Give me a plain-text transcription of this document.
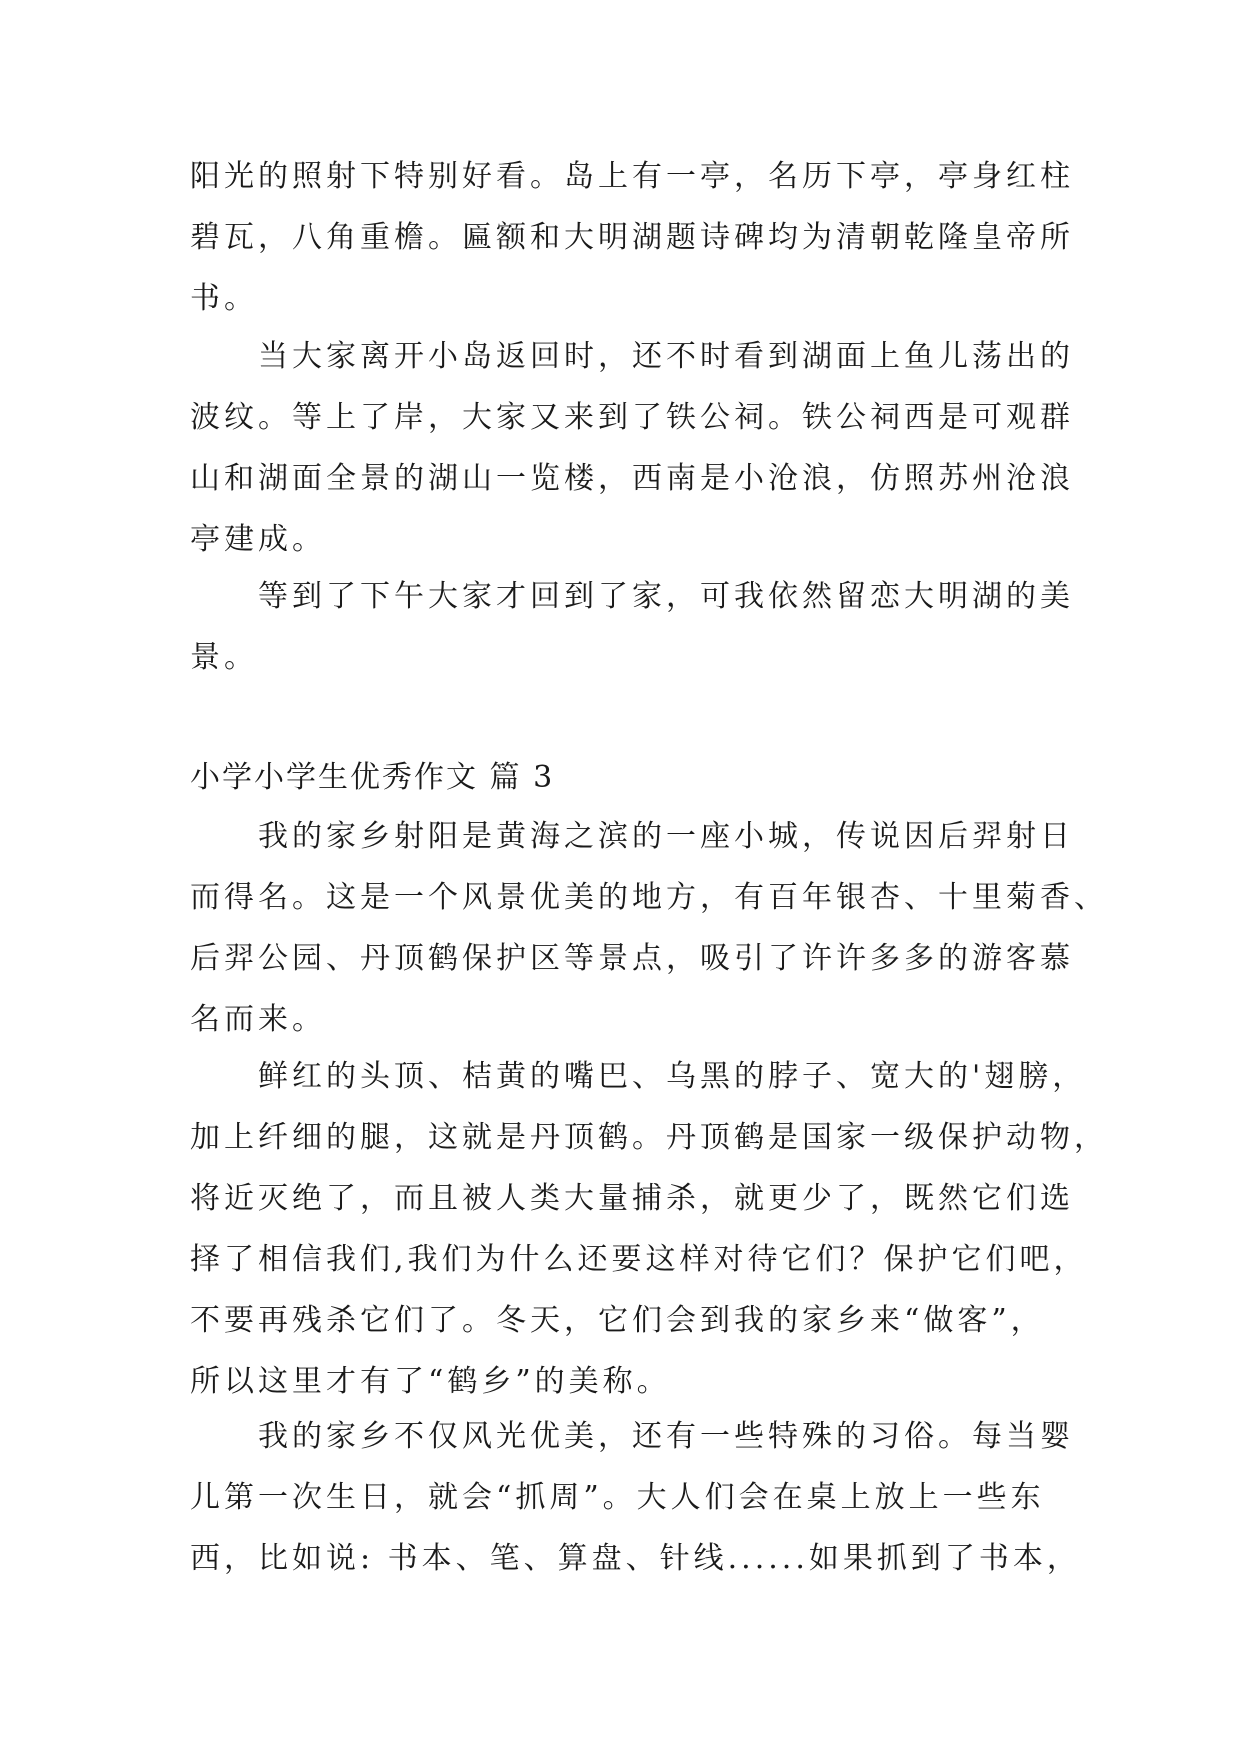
阳光的照射下特别好看。岛上有一亭，名历下亭，亭身红柱
碧瓦，八角重檐。匾额和大明湖题诗碑均为清朝乾隆皇帝所
书。
当大家离开小岛返回时，还不时看到湖面上鱼儿荡出的
波纹。等上了岸，大家又来到了铁公祠。铁公祠西是可观群
山和湖面全景的湖山一览楼，西南是小沧浪，仿照苏州沧浪
亭建成。
等到了下午大家才回到了家，可我依然留恋大明湖的美
景。
小学小学生优秀作文 篇 3
我的家乡射阳是黄海之滨的一座小城，传说因后羿射日
而得名。这是一个风景优美的地方，有百年银杏、十里菊香、
后羿公园、丹顶鹤保护区等景点，吸引了许许多多的游客慕
名而来。
鲜红的头顶、桔黄的嘴巴、乌黑的脖子、宽大的'翅膀，
加上纤细的腿，这就是丹顶鹤。丹顶鹤是国家一级保护动物，
将近灭绝了，而且被人类大量捕杀，就更少了，既然它们选
择了相信我们,我们为什么还要这样对待它们？保护它们吧，
不要再残杀它们了。冬天，它们会到我的家乡来“做客”，
所以这里才有了“鹤乡”的美称。
我的家乡不仅风光优美，还有一些特殊的习俗。每当婴
儿第一次生日，就会“抓周”。大人们会在桌上放上一些东
西，比如说: 书本、笔、算盘、针线......如果抓到了书本，
